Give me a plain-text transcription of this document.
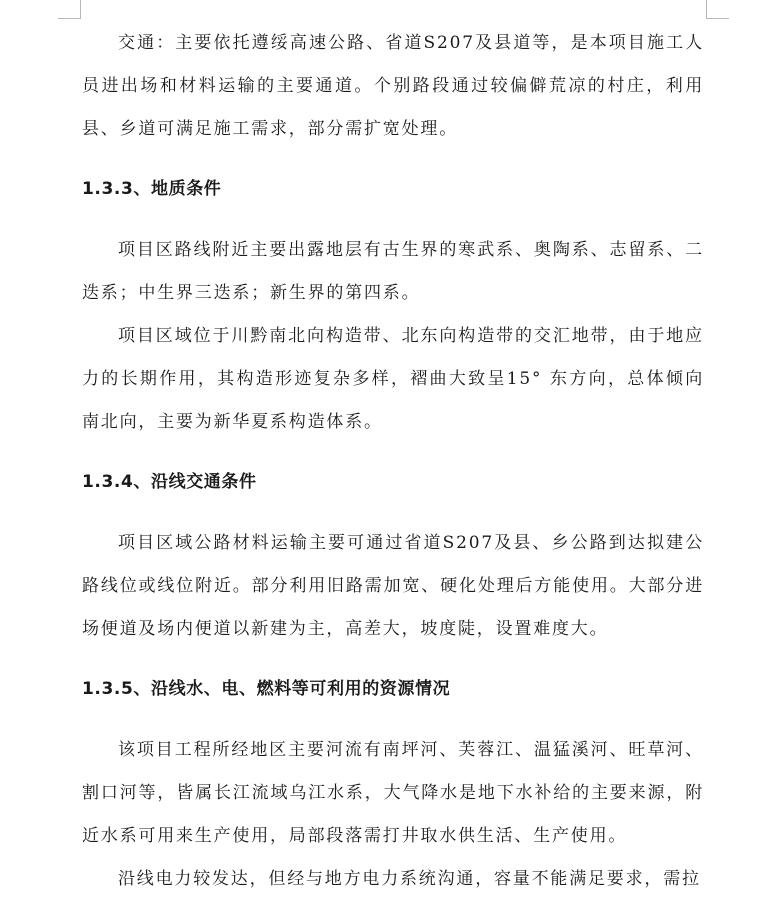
交通：主要依托遵绥高速公路、省道S207及县道等，是本项目施工人员进出场和材料运输的主要通道。个别路段通过较偏僻荒凉的村庄，利用县、乡道可满足施工需求，部分需扩宽处理。

1.3.3、地质条件

项目区路线附近主要出露地层有古生界的寒武系、奥陶系、志留系、二迭系；中生界三迭系；新生界的第四系。

项目区域位于川黔南北向构造带、北东向构造带的交汇地带，由于地应力的长期作用，其构造形迹复杂多样，褶曲大致呈15° 东方向，总体倾向南北向，主要为新华夏系构造体系。

1.3.4、沿线交通条件

项目区域公路材料运输主要可通过省道S207及县、乡公路到达拟建公路线位或线位附近。部分利用旧路需加宽、硬化处理后方能使用。大部分进场便道及场内便道以新建为主，高差大，坡度陡，设置难度大。

1.3.5、沿线水、电、燃料等可利用的资源情况

该项目工程所经地区主要河流有南坪河、芙蓉江、温猛溪河、旺草河、割口河等，皆属长江流域乌江水系，大气降水是地下水补给的主要来源，附近水系可用来生产使用，局部段落需打井取水供生活、生产使用。

沿线电力较发达，但经与地方电力系统沟通，容量不能满足要求，需拉
